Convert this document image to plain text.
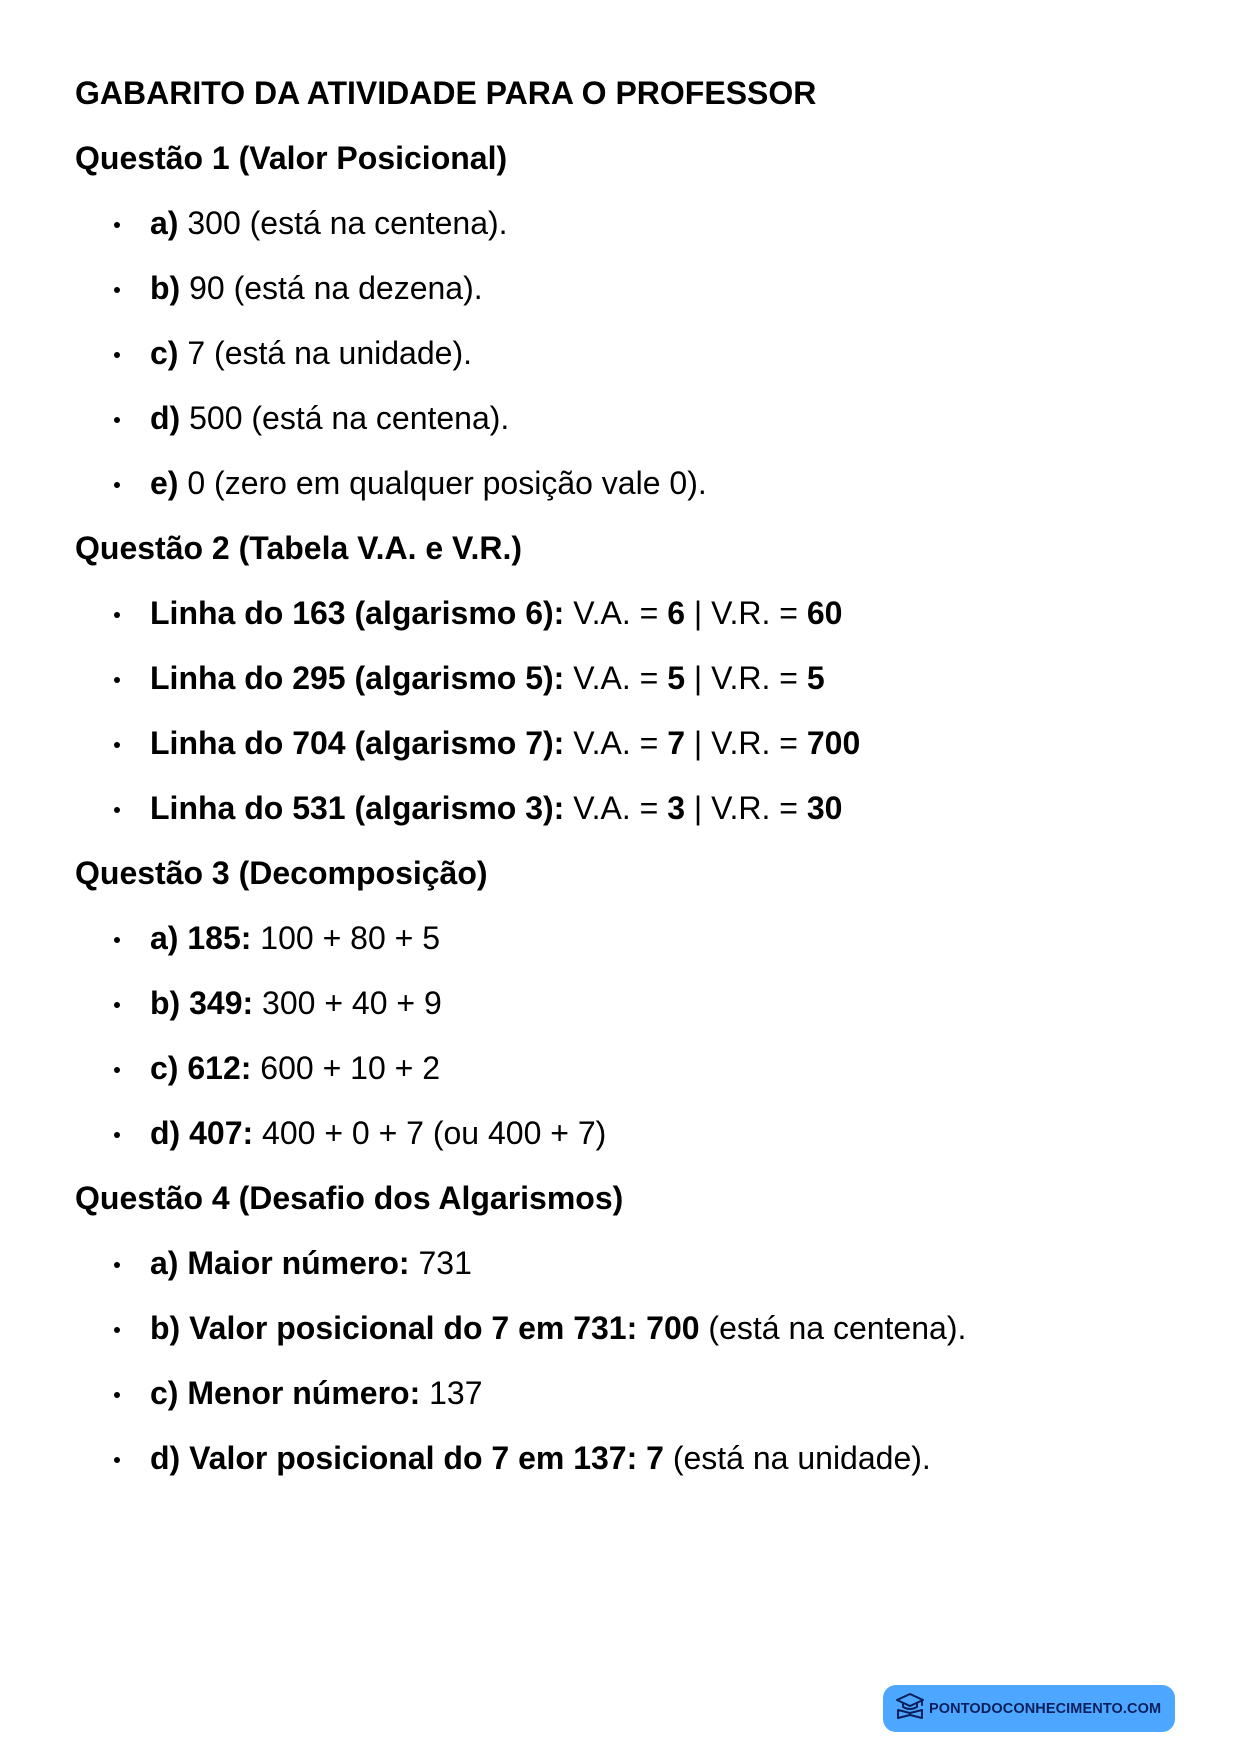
GABARITO DA ATIVIDADE PARA O PROFESSOR
Questão 1 (Valor Posicional)

a) 300 (está na centena).

b) 90 (está na dezena).

c) 7 (está na unidade).

d) 500 (está na centena).

e) 0 (zero em qualquer posição vale 0).

Questão 2 (Tabela V.A. e V.R.)

Linha do 163 (algarismo 6): V.A. = 6 | V.R. = 60

Linha do 295 (algarismo 5): V.A. = 5 | V.R. = 5

Linha do 704 (algarismo 7): V.A. = 7 | V.R. = 700

Linha do 531 (algarismo 3): V.A. = 3 | V.R. = 30

Questão 3 (Decomposição)

a) 185: 100 + 80 + 5

b) 349: 300 + 40 + 9

c) 612: 600 + 10 + 2

d) 407: 400 + 0 + 7 (ou 400 + 7)

Questão 4 (Desafio dos Algarismos)

a) Maior número: 731

b) Valor posicional do 7 em 731: 700 (está na centena).

c) Menor número: 137

d) Valor posicional do 7 em 137: 7 (está na unidade).

PONTODOCONHECIMENTO.COM
